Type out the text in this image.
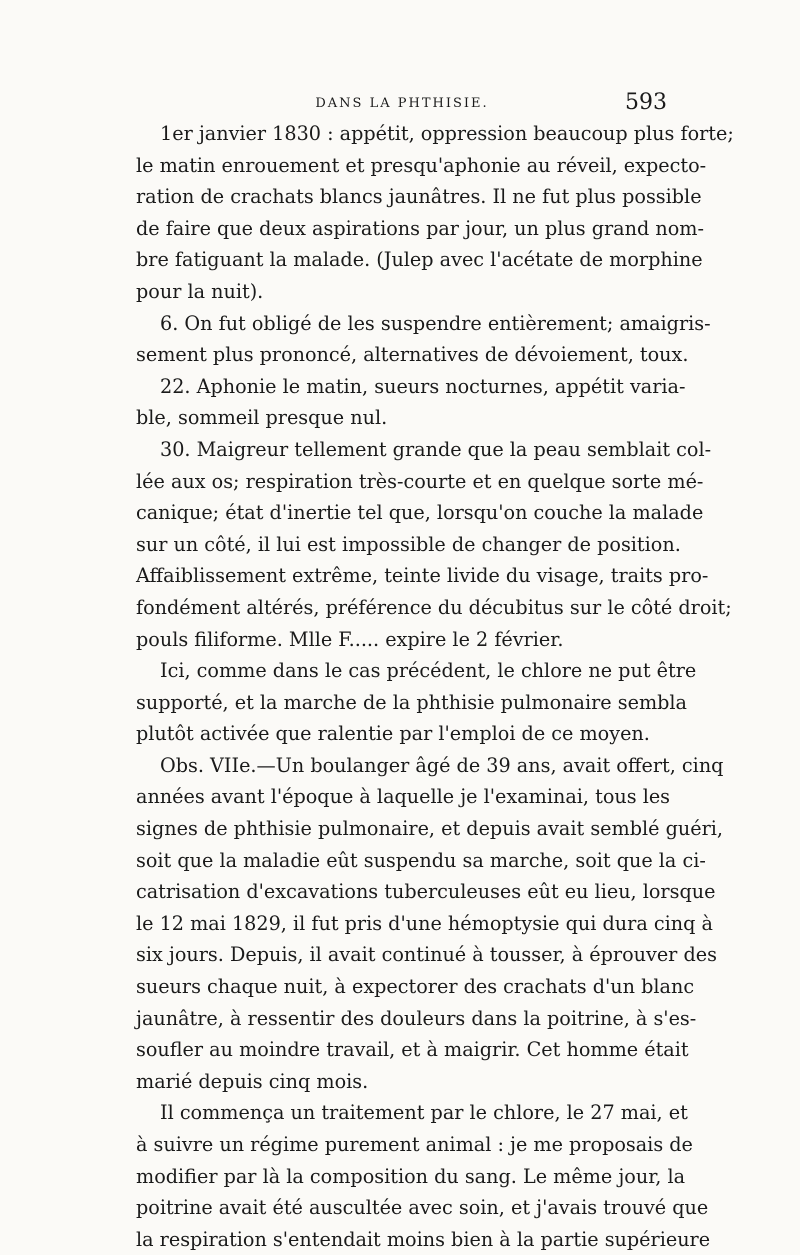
DANS LA PHTHISIE.	593
1er janvier 1830 : appétit, oppression beaucoup plus forte;
le matin enrouement et presqu'aphonie au réveil, expecto-
ration de crachats blancs jaunâtres. Il ne fut plus possible
de faire que deux aspirations par jour, un plus grand nom-
bre fatiguant la malade. (Julep avec l'acétate de morphine
pour la nuit).
6. On fut obligé de les suspendre entièrement; amaigris-
sement plus prononcé, alternatives de dévoiement, toux.
22. Aphonie le matin, sueurs nocturnes, appétit varia-
ble, sommeil presque nul.
30. Maigreur tellement grande que la peau semblait col-
lée aux os; respiration très-courte et en quelque sorte mé-
canique; état d'inertie tel que, lorsqu'on couche la malade
sur un côté, il lui est impossible de changer de position.
Affaiblissement extrême, teinte livide du visage, traits pro-
fondément altérés, préférence du décubitus sur le côté droit;
pouls filiforme. Mlle F..... expire le 2 février.
Ici, comme dans le cas précédent, le chlore ne put être
supporté, et la marche de la phthisie pulmonaire sembla
plutôt activée que ralentie par l'emploi de ce moyen.
Obs. VIIe.—Un boulanger âgé de 39 ans, avait offert, cinq
années avant l'époque à laquelle je l'examinai, tous les
signes de phthisie pulmonaire, et depuis avait semblé guéri,
soit que la maladie eût suspendu sa marche, soit que la ci-
catrisation d'excavations tuberculeuses eût eu lieu, lorsque
le 12 mai 1829, il fut pris d'une hémoptysie qui dura cinq à
six jours. Depuis, il avait continué à tousser, à éprouver des
sueurs chaque nuit, à expectorer des crachats d'un blanc
jaunâtre, à ressentir des douleurs dans la poitrine, à s'es-
soufler au moindre travail, et à maigrir. Cet homme était
marié depuis cinq mois.
Il commença un traitement par le chlore, le 27 mai, et
à suivre un régime purement animal : je me proposais de
modifier par là la composition du sang. Le même jour, la
poitrine avait été auscultée avec soin, et j'avais trouvé que
la respiration s'entendait moins bien à la partie supérieure
